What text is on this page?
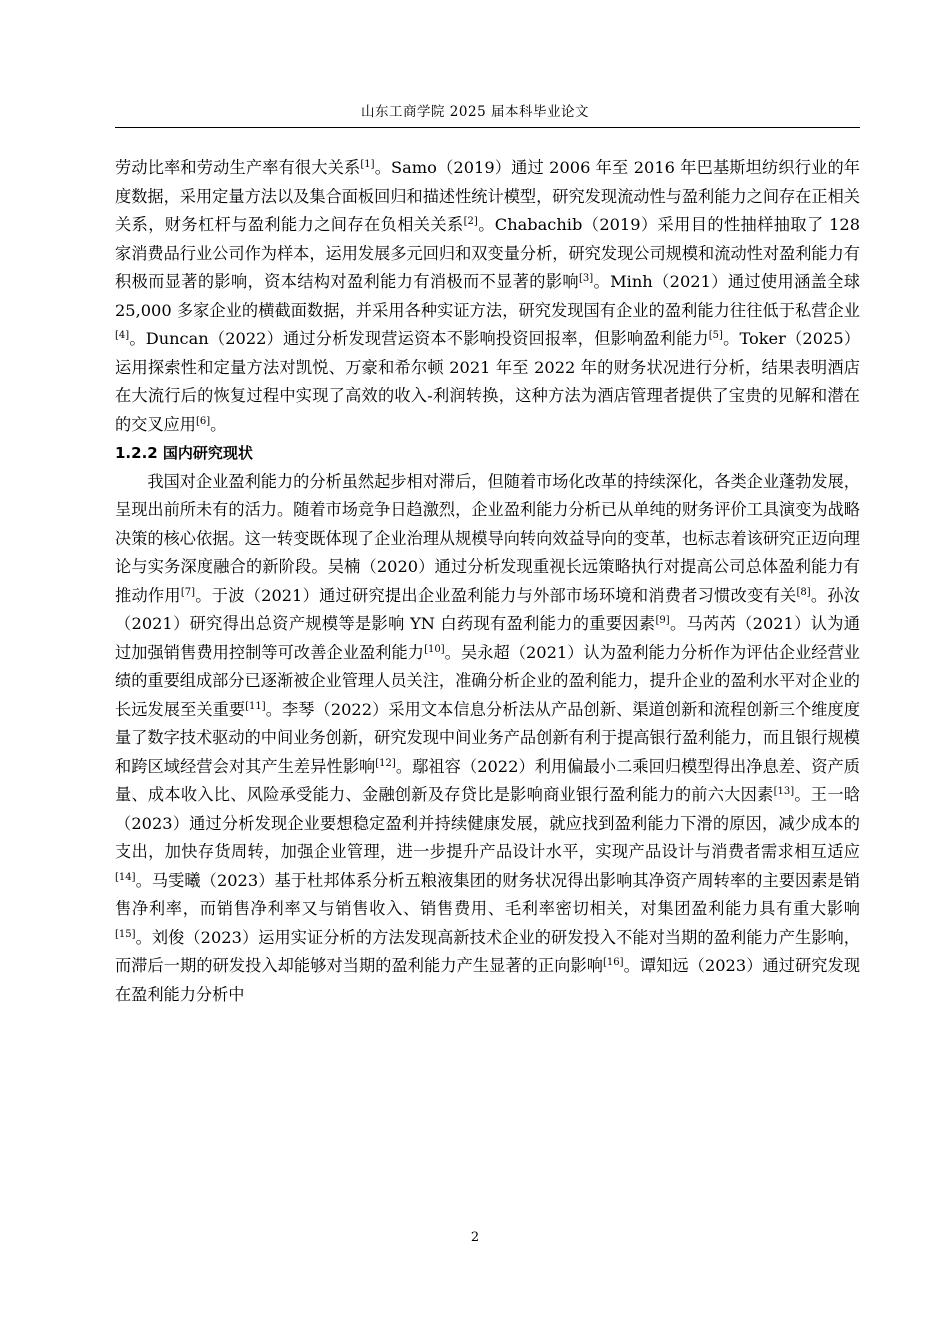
山东工商学院 2025 届本科毕业论文

劳动比率和劳动生产率有很大关系[1]。Samo（2019）通过 2006 年至 2016 年巴基斯坦纺织行业的年度数据，采用定量方法以及集合面板回归和描述性统计模型，研究发现流动性与盈利能力之间存在正相关关系，财务杠杆与盈利能力之间存在负相关关系[2]。Chabachib（2019）采用目的性抽样抽取了 128 家消费品行业公司作为样本，运用发展多元回归和双变量分析，研究发现公司规模和流动性对盈利能力有积极而显著的影响，资本结构对盈利能力有消极而不显著的影响[3]。Minh（2021）通过使用涵盖全球 25,000 多家企业的横截面数据，并采用各种实证方法，研究发现国有企业的盈利能力往往低于私营企业[4]。Duncan（2022）通过分析发现营运资本不影响投资回报率，但影响盈利能力[5]。Toker（2025）运用探索性和定量方法对凯悦、万豪和希尔顿 2021 年至 2022 年的财务状况进行分析，结果表明酒店在大流行后的恢复过程中实现了高效的收入-利润转换，这种方法为酒店管理者提供了宝贵的见解和潜在的交叉应用[6]。

1.2.2 国内研究现状

我国对企业盈利能力的分析虽然起步相对滞后，但随着市场化改革的持续深化，各类企业蓬勃发展，呈现出前所未有的活力。随着市场竞争日趋激烈，企业盈利能力分析已从单纯的财务评价工具演变为战略决策的核心依据。这一转变既体现了企业治理从规模导向转向效益导向的变革，也标志着该研究正迈向理论与实务深度融合的新阶段。吴楠（2020）通过分析发现重视长远策略执行对提高公司总体盈利能力有推动作用[7]。于波（2021）通过研究提出企业盈利能力与外部市场环境和消费者习惯改变有关[8]。孙汝（2021）研究得出总资产规模等是影响 YN 白药现有盈利能力的重要因素[9]。马芮芮（2021）认为通过加强销售费用控制等可改善企业盈利能力[10]。吴永超（2021）认为盈利能力分析作为评估企业经营业绩的重要组成部分已逐渐被企业管理人员关注，准确分析企业的盈利能力，提升企业的盈利水平对企业的长远发展至关重要[11]。李琴（2022）采用文本信息分析法从产品创新、渠道创新和流程创新三个维度度量了数字技术驱动的中间业务创新，研究发现中间业务产品创新有利于提高银行盈利能力，而且银行规模和跨区域经营会对其产生差异性影响[12]。鄢祖容（2022）利用偏最小二乘回归模型得出净息差、资产质量、成本收入比、风险承受能力、金融创新及存贷比是影响商业银行盈利能力的前六大因素[13]。王一晗（2023）通过分析发现企业要想稳定盈利并持续健康发展，就应找到盈利能力下滑的原因，减少成本的支出，加快存货周转，加强企业管理，进一步提升产品设计水平，实现产品设计与消费者需求相互适应[14]。马雯曦（2023）基于杜邦体系分析五粮液集团的财务状况得出影响其净资产周转率的主要因素是销售净利率，而销售净利率又与销售收入、销售费用、毛利率密切相关，对集团盈利能力具有重大影响[15]。刘俊（2023）运用实证分析的方法发现高新技术企业的研发投入不能对当期的盈利能力产生影响，而滞后一期的研发投入却能够对当期的盈利能力产生显著的正向影响[16]。谭知远（2023）通过研究发现在盈利能力分析中

2
